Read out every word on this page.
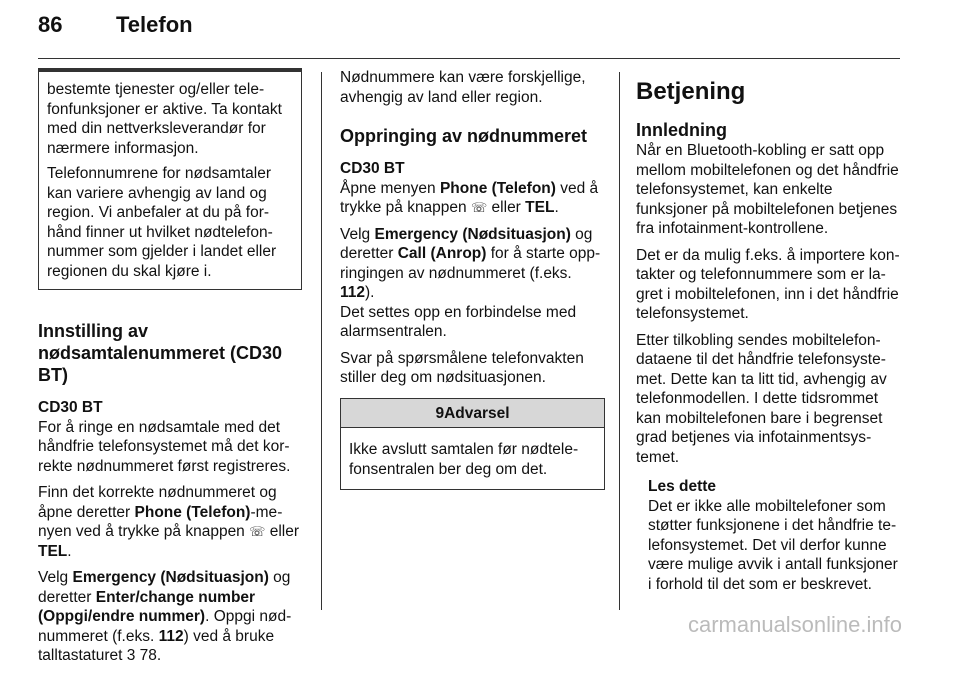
86 Telefon

bestemte tjenester og/eller telefonfunksjoner er aktive. Ta kontakt med din nettverksleverandør for nærmere informasjon.

Telefonnumrene for nødsamtaler kan variere avhengig av land og region. Vi anbefaler at du på forhånd finner ut hvilket nødtelefonnummer som gjelder i landet eller regionen du skal kjøre i.

Innstilling av nødsamtalenummeret (CD30 BT)
CD30 BT

For å ringe en nødsamtale med det håndfrie telefonsystemet må det korrekte nødnummeret først registreres.

Finn det korrekte nødnummeret og åpne deretter Phone (Telefon)-menyen ved å trykke på knappen ☏ eller TEL.

Velg Emergency (Nødsituasjon) og deretter Enter/change number (Oppgi/endre nummer). Oppgi nødnummeret (f.eks. 112) ved å bruke talltastaturet 3 78.

Nødnummere kan være forskjellige, avhengig av land eller region.

Oppringing av nødnummeret
CD30 BT

Åpne menyen Phone (Telefon) ved å trykke på knappen ☏ eller TEL.

Velg Emergency (Nødsituasjon) og deretter Call (Anrop) for å starte oppringingen av nødnummeret (f.eks. 112).

Det settes opp en forbindelse med alarmsentralen.

Svar på spørsmålene telefonvakten stiller deg om nødsituasjonen.

9Advarsel
Ikke avslutt samtalen før nødtelefonsentralen ber deg om det.
Betjening
Innledning

Når en Bluetooth-kobling er satt opp mellom mobiltelefonen og det håndfrie telefonsystemet, kan enkelte funksjoner på mobiltelefonen betjenes fra infotainment-kontrollene.

Det er da mulig f.eks. å importere kontakter og telefonnummere som er lagret i mobiltelefonen, inn i det håndfrie telefonsystemet.

Etter tilkobling sendes mobiltelefondataene til det håndfrie telefonsystemet. Dette kan ta litt tid, avhengig av telefonmodellen. I dette tidsrommet kan mobiltelefonen bare i begrenset grad betjenes via infotainmentsystemet.

Les dette

Det er ikke alle mobiltelefoner som støtter funksjonene i det håndfrie telefonsystemet. Det vil derfor kunne være mulige avvik i antall funksjoner i forhold til det som er beskrevet.

carmanualsonline.info
